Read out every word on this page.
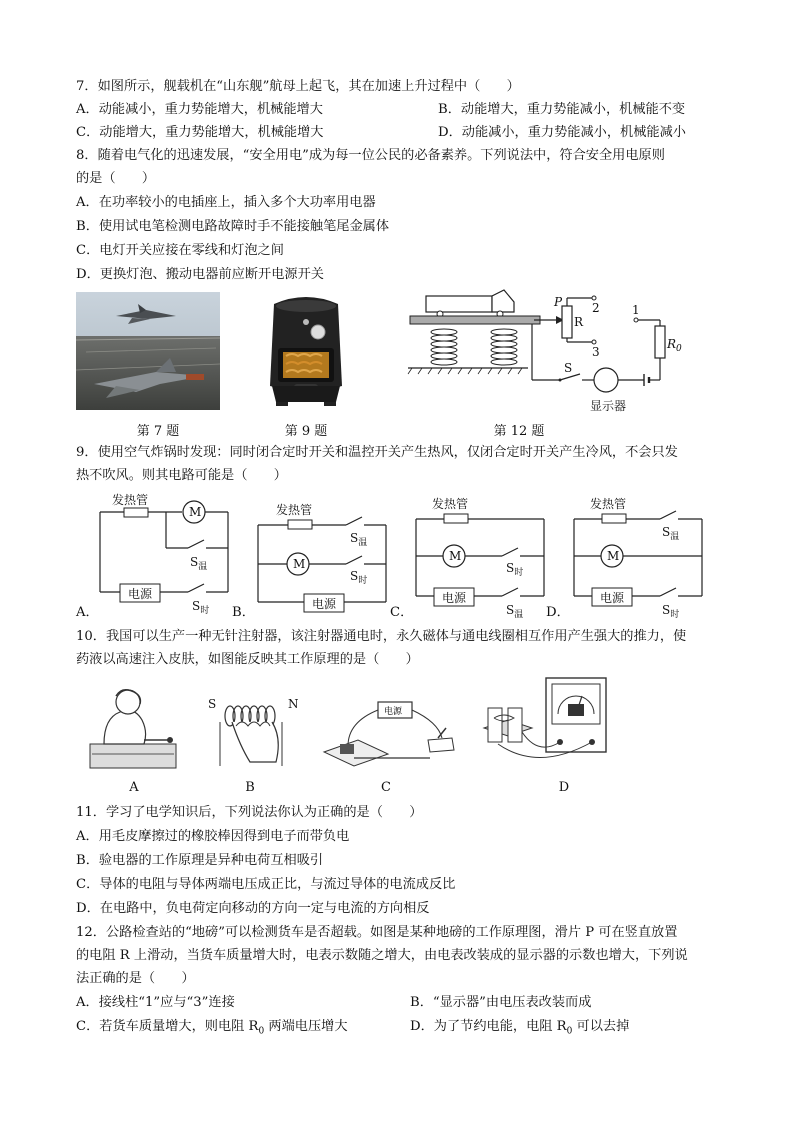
7．如图所示，舰载机在“山东舰”航母上起飞，其在加速上升过程中（　　）
A．动能减小，重力势能增大，机械能增大	B．动能增大，重力势能减小，机械能不变
C．动能增大，重力势能增大，机械能增大	D．动能减小，重力势能减小，机械能减小
8．随着电气化的迅速发展，“安全用电”成为每一位公民的必备素养。下列说法中，符合安全用电原则
的是（　　）
A．在功率较小的电插座上，插入多个大功率用电器
B．使用试电笔检测电路故障时手不能接触笔尾金属体
C．电灯开关应接在零线和灯泡之间
D．更换灯泡、搬动电器前应断开电源开关
第 7 题	第 9 题
R
P 2
3
S
显示器
$R_0$
1
第 12 题
9．使用空气炸锅时发现：同时闭合定时开关和温控开关产生热风，仅闭合定时开关产生冷风，不会只发
热不吹风。则其电路可能是（　　）
发热管
M
$S_温$
电源
$S_时$
A．
发热管
$S_温$
M
$S_时$
电源
B．
发热管
M
$S_时$
电源
$S_温$
C．
发热管
$S_温$
M
电源
$S_时$
D．
10．我国可以生产一种无针注射器，该注射器通电时，永久磁体与通电线圈相互作用产生强大的推力，使
药液以高速注入皮肤，如图能反映其工作原理的是（　　）
A
S	N
B
电源
C	D
11．学习了电学知识后，下列说法你认为正确的是（　　）
A．用毛皮摩擦过的橡胶棒因得到电子而带负电
B．验电器的工作原理是异种电荷互相吸引
C．导体的电阻与导体两端电压成正比，与流过导体的电流成反比
D．在电路中，负电荷定向移动的方向一定与电流的方向相反
12．公路检查站的“地磅”可以检测货车是否超载。如图是某种地磅的工作原理图，滑片 P 可在竖直放置
的电阻 R 上滑动，当货车质量增大时，电表示数随之增大，由电表改装成的显示器的示数也增大，下列说
法正确的是（　　）
A．接线柱“1”应与“3”连接	B．“显示器”由电压表改装而成
C．若货车质量增大，则电阻 $R_0$ 两端电压增大	D．为了节约电能，电阻 $R_0$ 可以去掉
